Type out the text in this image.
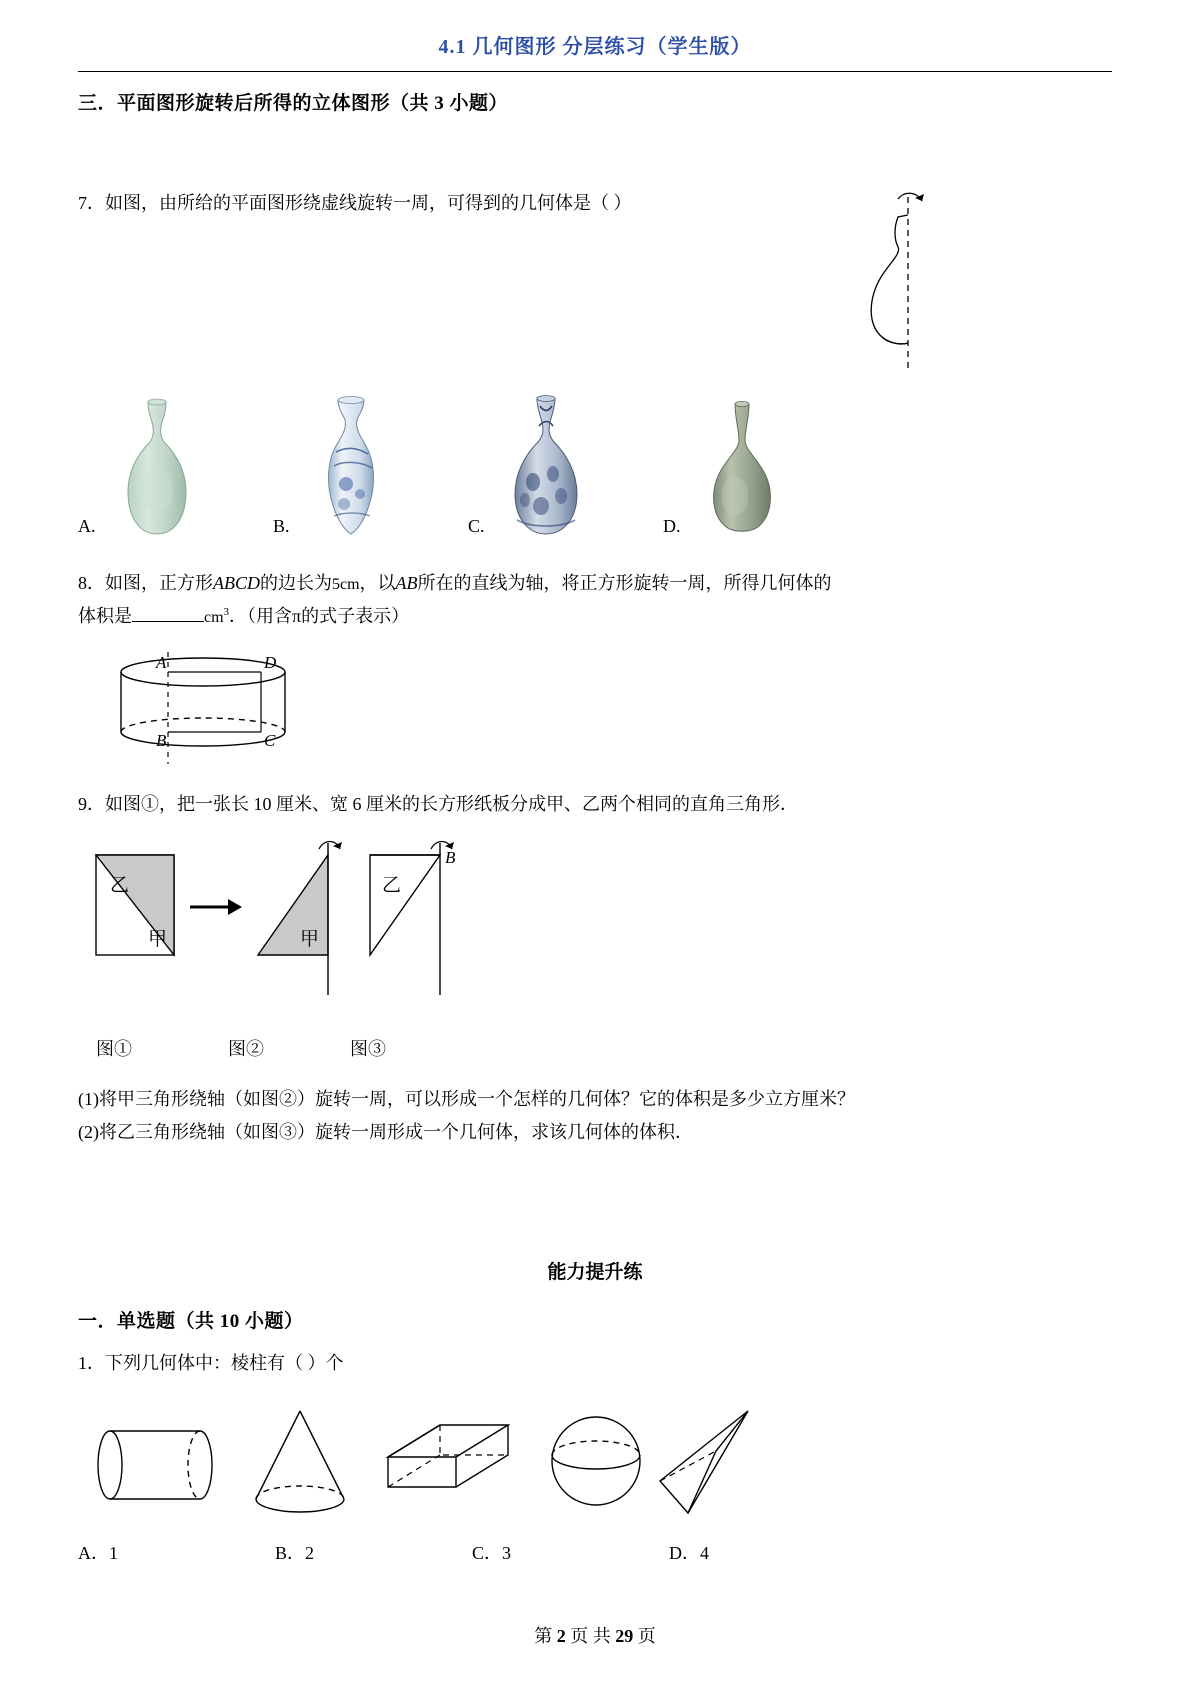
4.1 几何图形 分层练习（学生版）
三．平面图形旋转后所得的立体图形（共 3 小题）
7．如图，由所给的平面图形绕虚线旋转一周，可得到的几何体是（ ）
A.	B.	C.	D.
8．如图，正方形ABCD的边长为5cm，以AB所在的直线为轴，将正方形旋转一周，所得几何体的
体积是	$cm^3$．（用含π的式子表示）
A	D
B	C
9．如图①，把一张长 10 厘米、宽 6 厘米的长方形纸板分成甲、乙两个相同的直角三角形．
乙
甲	甲
乙
B
图①	图②	图③
(1)将甲三角形绕轴（如图②）旋转一周，可以形成一个怎样的几何体？它的体积是多少立方厘米？
(2)将乙三角形绕轴（如图③）旋转一周形成一个几何体，求该几何体的体积．
能力提升练
一．单选题（共 10 小题）
1．下列几何体中：棱柱有（ ）个
A．1	B．2	C．3	D．4
第 2 页 共 29 页
